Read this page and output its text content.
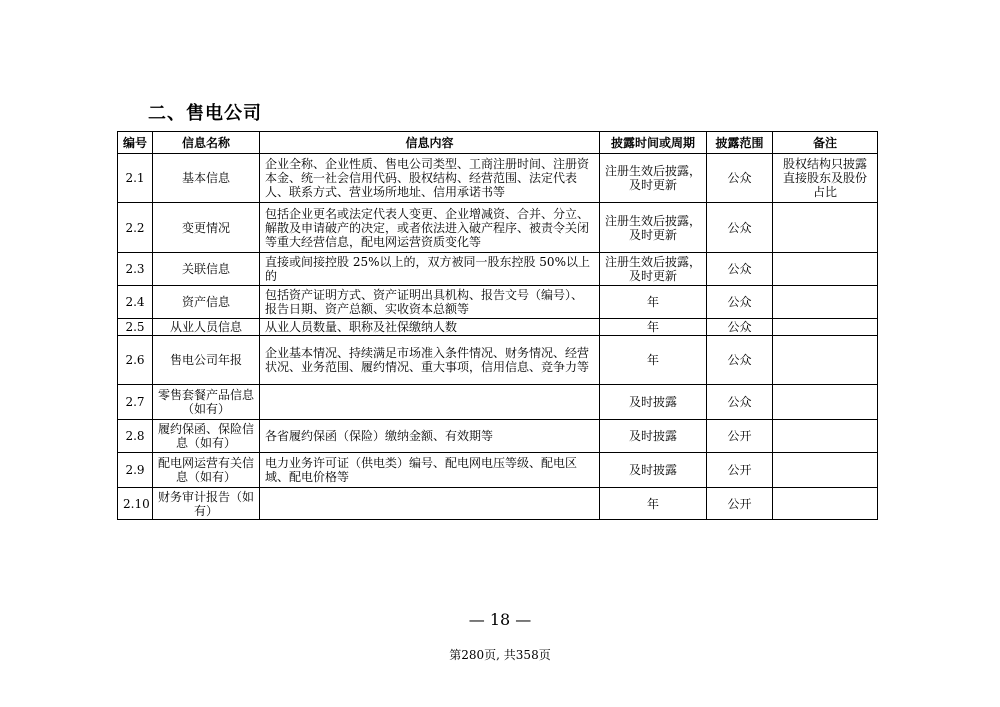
二、售电公司
编号	信息名称	信息内容	披露时间或周期	披露范围	备注
2.1	基本信息	企业全称、企业性质、售电公司类型、工商注册时间、注册资本金、统一社会信用代码、股权结构、经营范围、法定代表人、联系方式、营业场所地址、信用承诺书等	注册生效后披露，及时更新	公众	股权结构只披露直接股东及股份占比
2.2	变更情况	包括企业更名或法定代表人变更、企业增减资、合并、分立、解散及申请破产的决定，或者依法进入破产程序、被责令关闭等重大经营信息，配电网运营资质变化等	注册生效后披露，及时更新	公众	
2.3	关联信息	直接或间接控股 25%以上的，双方被同一股东控股 50%以上的	注册生效后披露，及时更新	公众	
2.4	资产信息	包括资产证明方式、资产证明出具机构、报告文号（编号）、报告日期、资产总额、实收资本总额等	年	公众	
2.5	从业人员信息	从业人员数量、职称及社保缴纳人数	年	公众	
2.6	售电公司年报	企业基本情况、持续满足市场准入条件情况、财务情况、经营状况、业务范围、履约情况、重大事项，信用信息、竞争力等	年	公众	
2.7	零售套餐产品信息（如有）		及时披露	公众	
2.8	履约保函、保险信息（如有）	各省履约保函（保险）缴纳金额、有效期等	及时披露	公开	
2.9	配电网运营有关信息（如有）	电力业务许可证（供电类）编号、配电网电压等级、配电区域、配电价格等	及时披露	公开	
2.10	财务审计报告（如有）		年	公开	
— 18 —
第280页, 共358页
